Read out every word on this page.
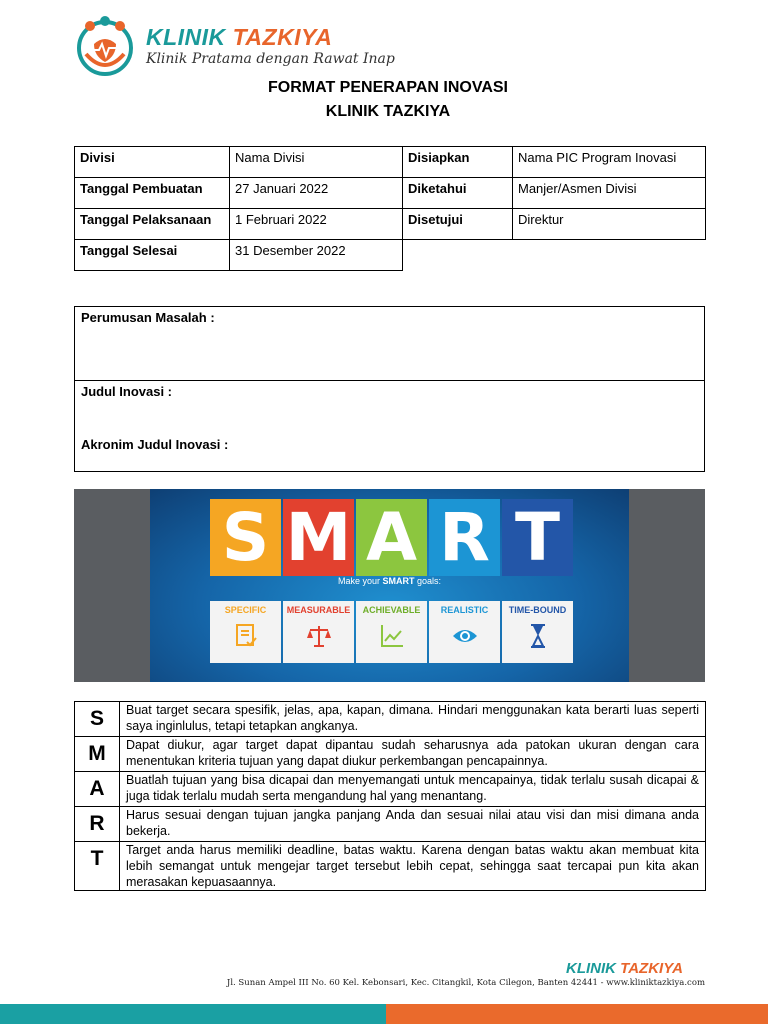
KLINIK TAZKIYA
Klinik Pratama dengan Rawat Inap
FORMAT PENERAPAN INOVASI
KLINIK TAZKIYA
Divisi	Nama Divisi	Disiapkan	Nama PIC Program Inovasi
Tanggal Pembuatan	27 Januari 2022	Diketahui	Manjer/Asmen Divisi
Tanggal Pelaksanaan	1 Februari 2022	Disetujui	Direktur
Tanggal Selesai	31 Desember 2022		
Perumusan Masalah :
Judul Inovasi :
Akronim Judul Inovasi :
Make your SMART goals:
S
SPECIFIC
M
MEASURABLE
A
ACHIEVABLE
R
REALISTIC
T
TIME-BOUND
S	Buat target secara spesifik, jelas, apa, kapan, dimana. Hindari menggunakan kata berarti luas seperti saya inginlulus, tetapi tetapkan angkanya.
M	Dapat diukur, agar target dapat dipantau sudah seharusnya ada patokan ukuran dengan cara menentukan kriteria tujuan yang dapat diukur perkembangan pencapainnya.
A	Buatlah tujuan yang bisa dicapai dan menyemangati untuk mencapainya, tidak terlalu susah dicapai & juga tidak terlalu mudah serta mengandung hal yang menantang.
R	Harus sesuai dengan tujuan jangka panjang Anda dan sesuai nilai atau visi dan misi dimana anda bekerja.
T	Target anda harus memiliki deadline, batas waktu. Karena dengan batas waktu akan membuat kita lebih semangat untuk mengejar target tersebut lebih cepat, sehingga saat tercapai pun kita akan merasakan kepuasaannya.
KLINIK TAZKIYA
Jl. Sunan Ampel III No. 60 Kel. Kebonsari, Kec. Citangkil, Kota Cilegon, Banten 42441 - www.kliniktazkiya.com
